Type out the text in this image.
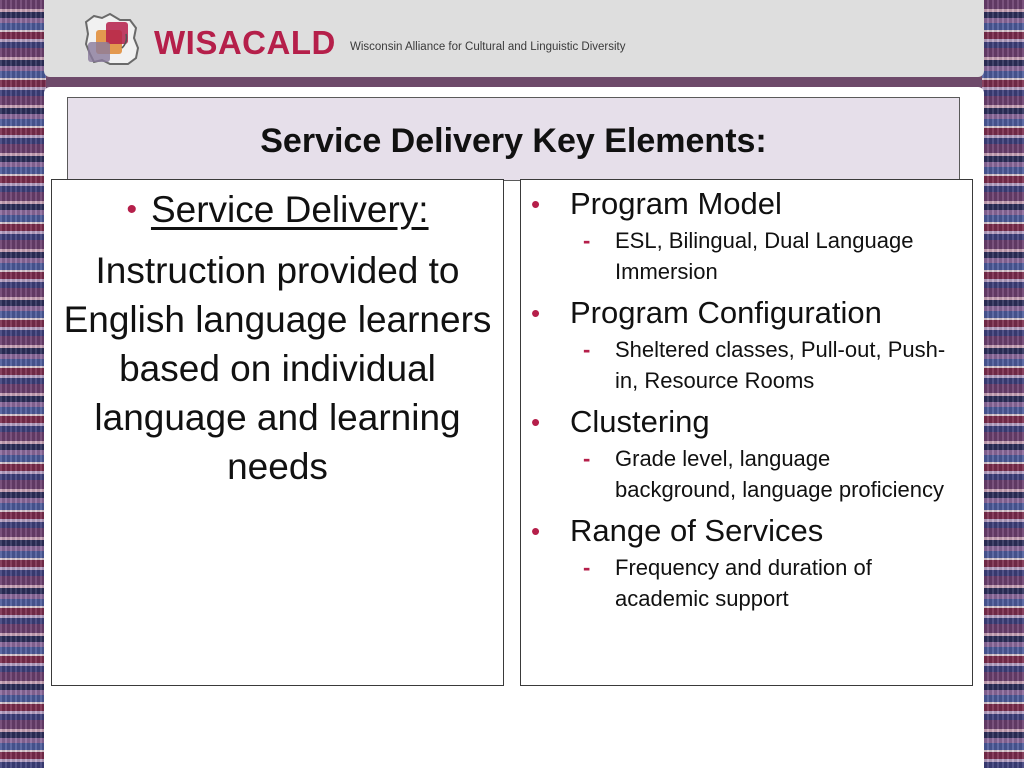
WISACALD Wisconsin Alliance for Cultural and Linguistic Diversity
Service Delivery Key Elements:
• Service Delivery:
Instruction provided to English language learners based on individual language and learning needs
• Program Model
- ESL, Bilingual, Dual Language Immersion
• Program Configuration
- Sheltered classes, Pull-out, Push-in, Resource Rooms
• Clustering
- Grade level, language background, language proficiency
• Range of Services
- Frequency and duration of academic support
